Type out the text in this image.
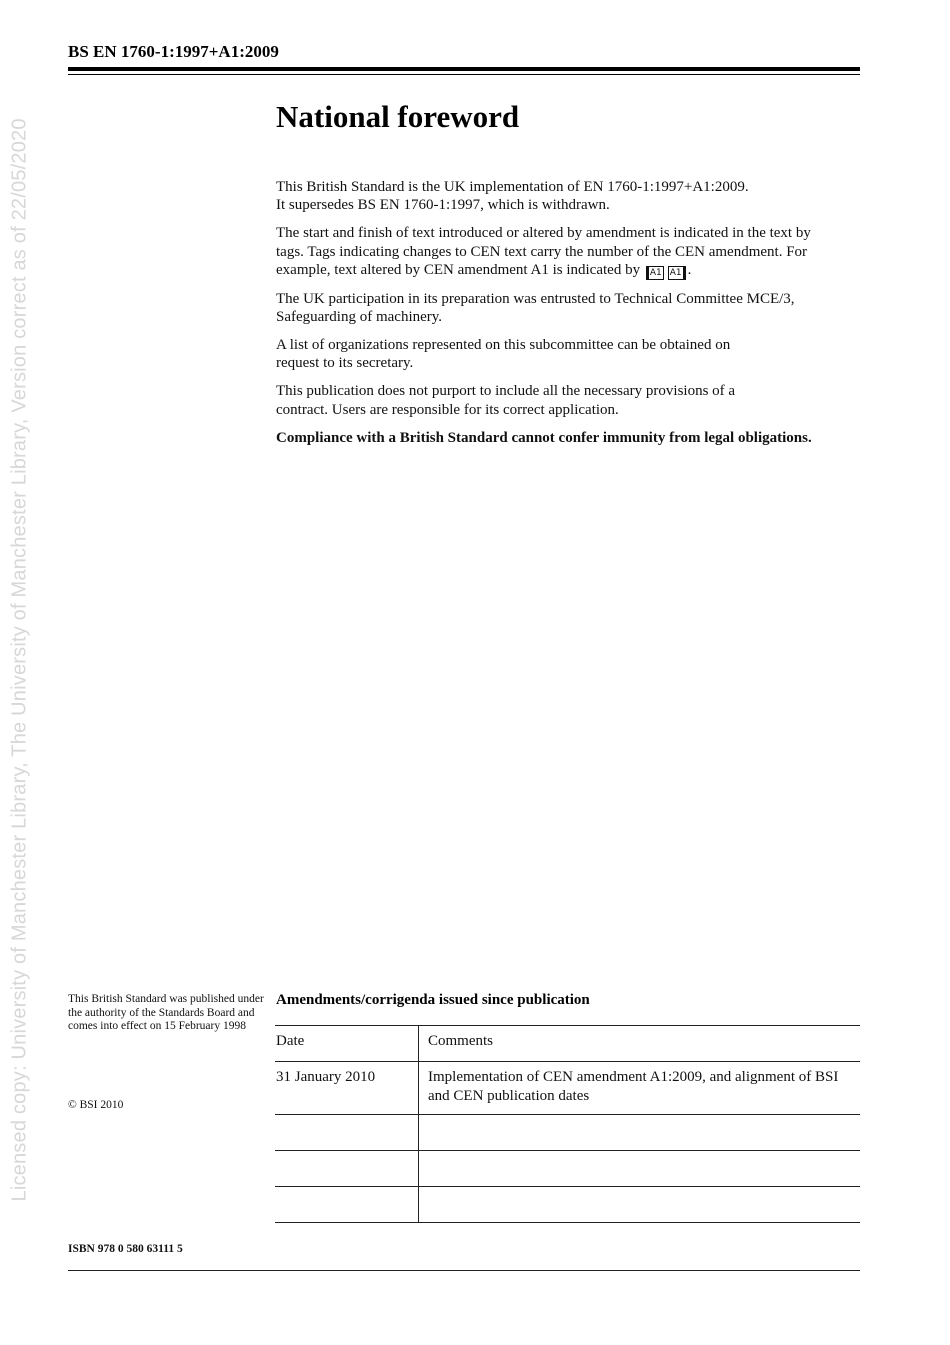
Licensed copy: University of Manchester Library, The University of Manchester Library, Version correct as of 22/05/2020
BS EN 1760-1:1997+A1:2009
National foreword

This British Standard is the UK implementation of EN 1760-1:1997+A1:2009. It supersedes BS EN 1760-1:1997, which is withdrawn.

The start and finish of text introduced or altered by amendment is indicated in the text by tags. Tags indicating changes to CEN text carry the number of the CEN amendment. For example, text altered by CEN amendment A1 is indicated by A1 A1 .

The UK participation in its preparation was entrusted to Technical Committee MCE/3, Safeguarding of machinery.

A list of organizations represented on this subcommittee can be obtained on request to its secretary.

This publication does not purport to include all the necessary provisions of a contract. Users are responsible for its correct application.

Compliance with a British Standard cannot confer immunity from legal obligations.

This British Standard was published under the authority of the Standards Board and comes into effect on 15 February 1998
© BSI 2010
ISBN 978 0 580 63111 5
Amendments/corrigenda issued since publication
Date	Comments
31 January 2010	Implementation of CEN amendment A1:2009, and alignment of BSI and CEN publication dates
